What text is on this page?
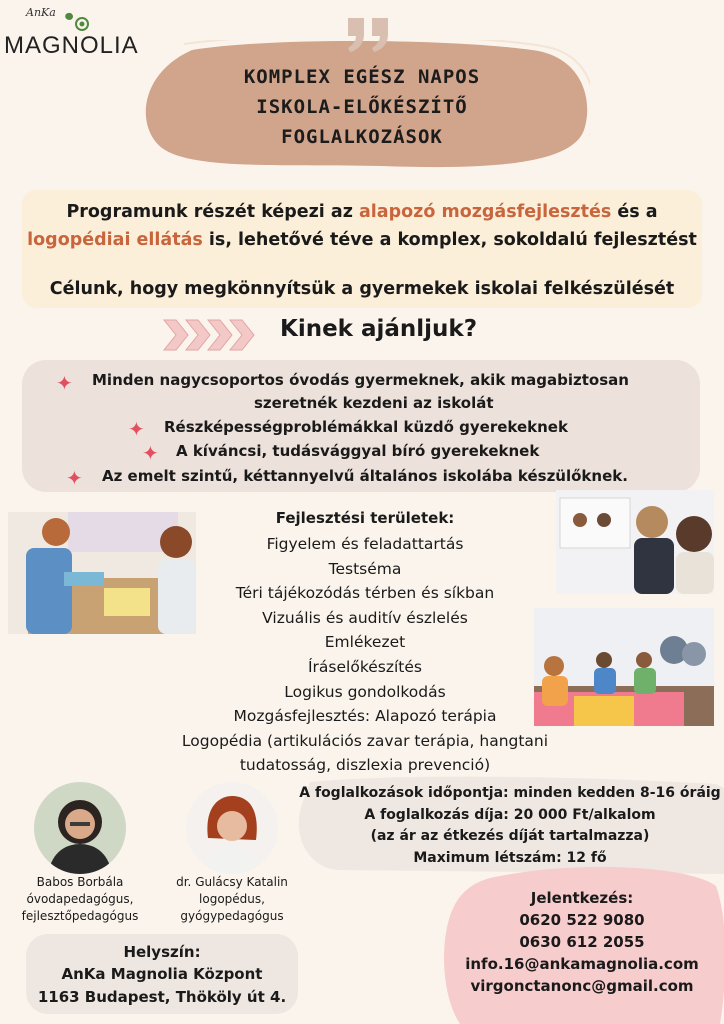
AnKa
MAGNOLIA
KOMPLEX EGÉSZ NAPOS
ISKOLA-ELŐKÉSZÍTŐ
FOGLALKOZÁSOK
Programunk részét képezi az alapozó mozgásfejlesztés és a
logopédiai ellátás is, lehetővé téve a komplex, sokoldalú fejlesztést
Célunk, hogy megkönnyítsük a gyermekek iskolai felkészülését
Kinek ajánljuk?
✦ Minden nagycsoportos óvodás gyermeknek, akik magabiztosan
szeretnék kezdeni az iskolát
✦ Részképességproblémákkal küzdő gyerekeknek
✦ A kíváncsi, tudásvággyal bíró gyerekeknek
✦ Az emelt szintű, kéttannyelvű általános iskolába készülőknek.
Fejlesztési területek:
Figyelem és feladattartás
Testséma
Téri tájékozódás térben és síkban
Vizuális és auditív észlelés
Emlékezet
Íráselőkészítés
Logikus gondolkodás
Mozgásfejlesztés: Alapozó terápia
Logopédia (artikulációs zavar terápia, hangtani
tudatosság, diszlexia prevenció)
A foglalkozások időpontja: minden kedden 8-16 óráig
A foglalkozás díja: 20 000 Ft/alkalom
(az ár az étkezés díját tartalmazza)
Maximum létszám: 12 fő
Babos Borbála
óvodapedagógus,
fejlesztőpedagógus
dr. Gulácsy Katalin
logopédus,
gyógypedagógus
Helyszín:
AnKa Magnolia Központ
1163 Budapest, Thököly út 4.
Jelentkezés:
0620 522 9080
0630 612 2055
info.16@ankamagnolia.com
virgonctanonc@gmail.com
